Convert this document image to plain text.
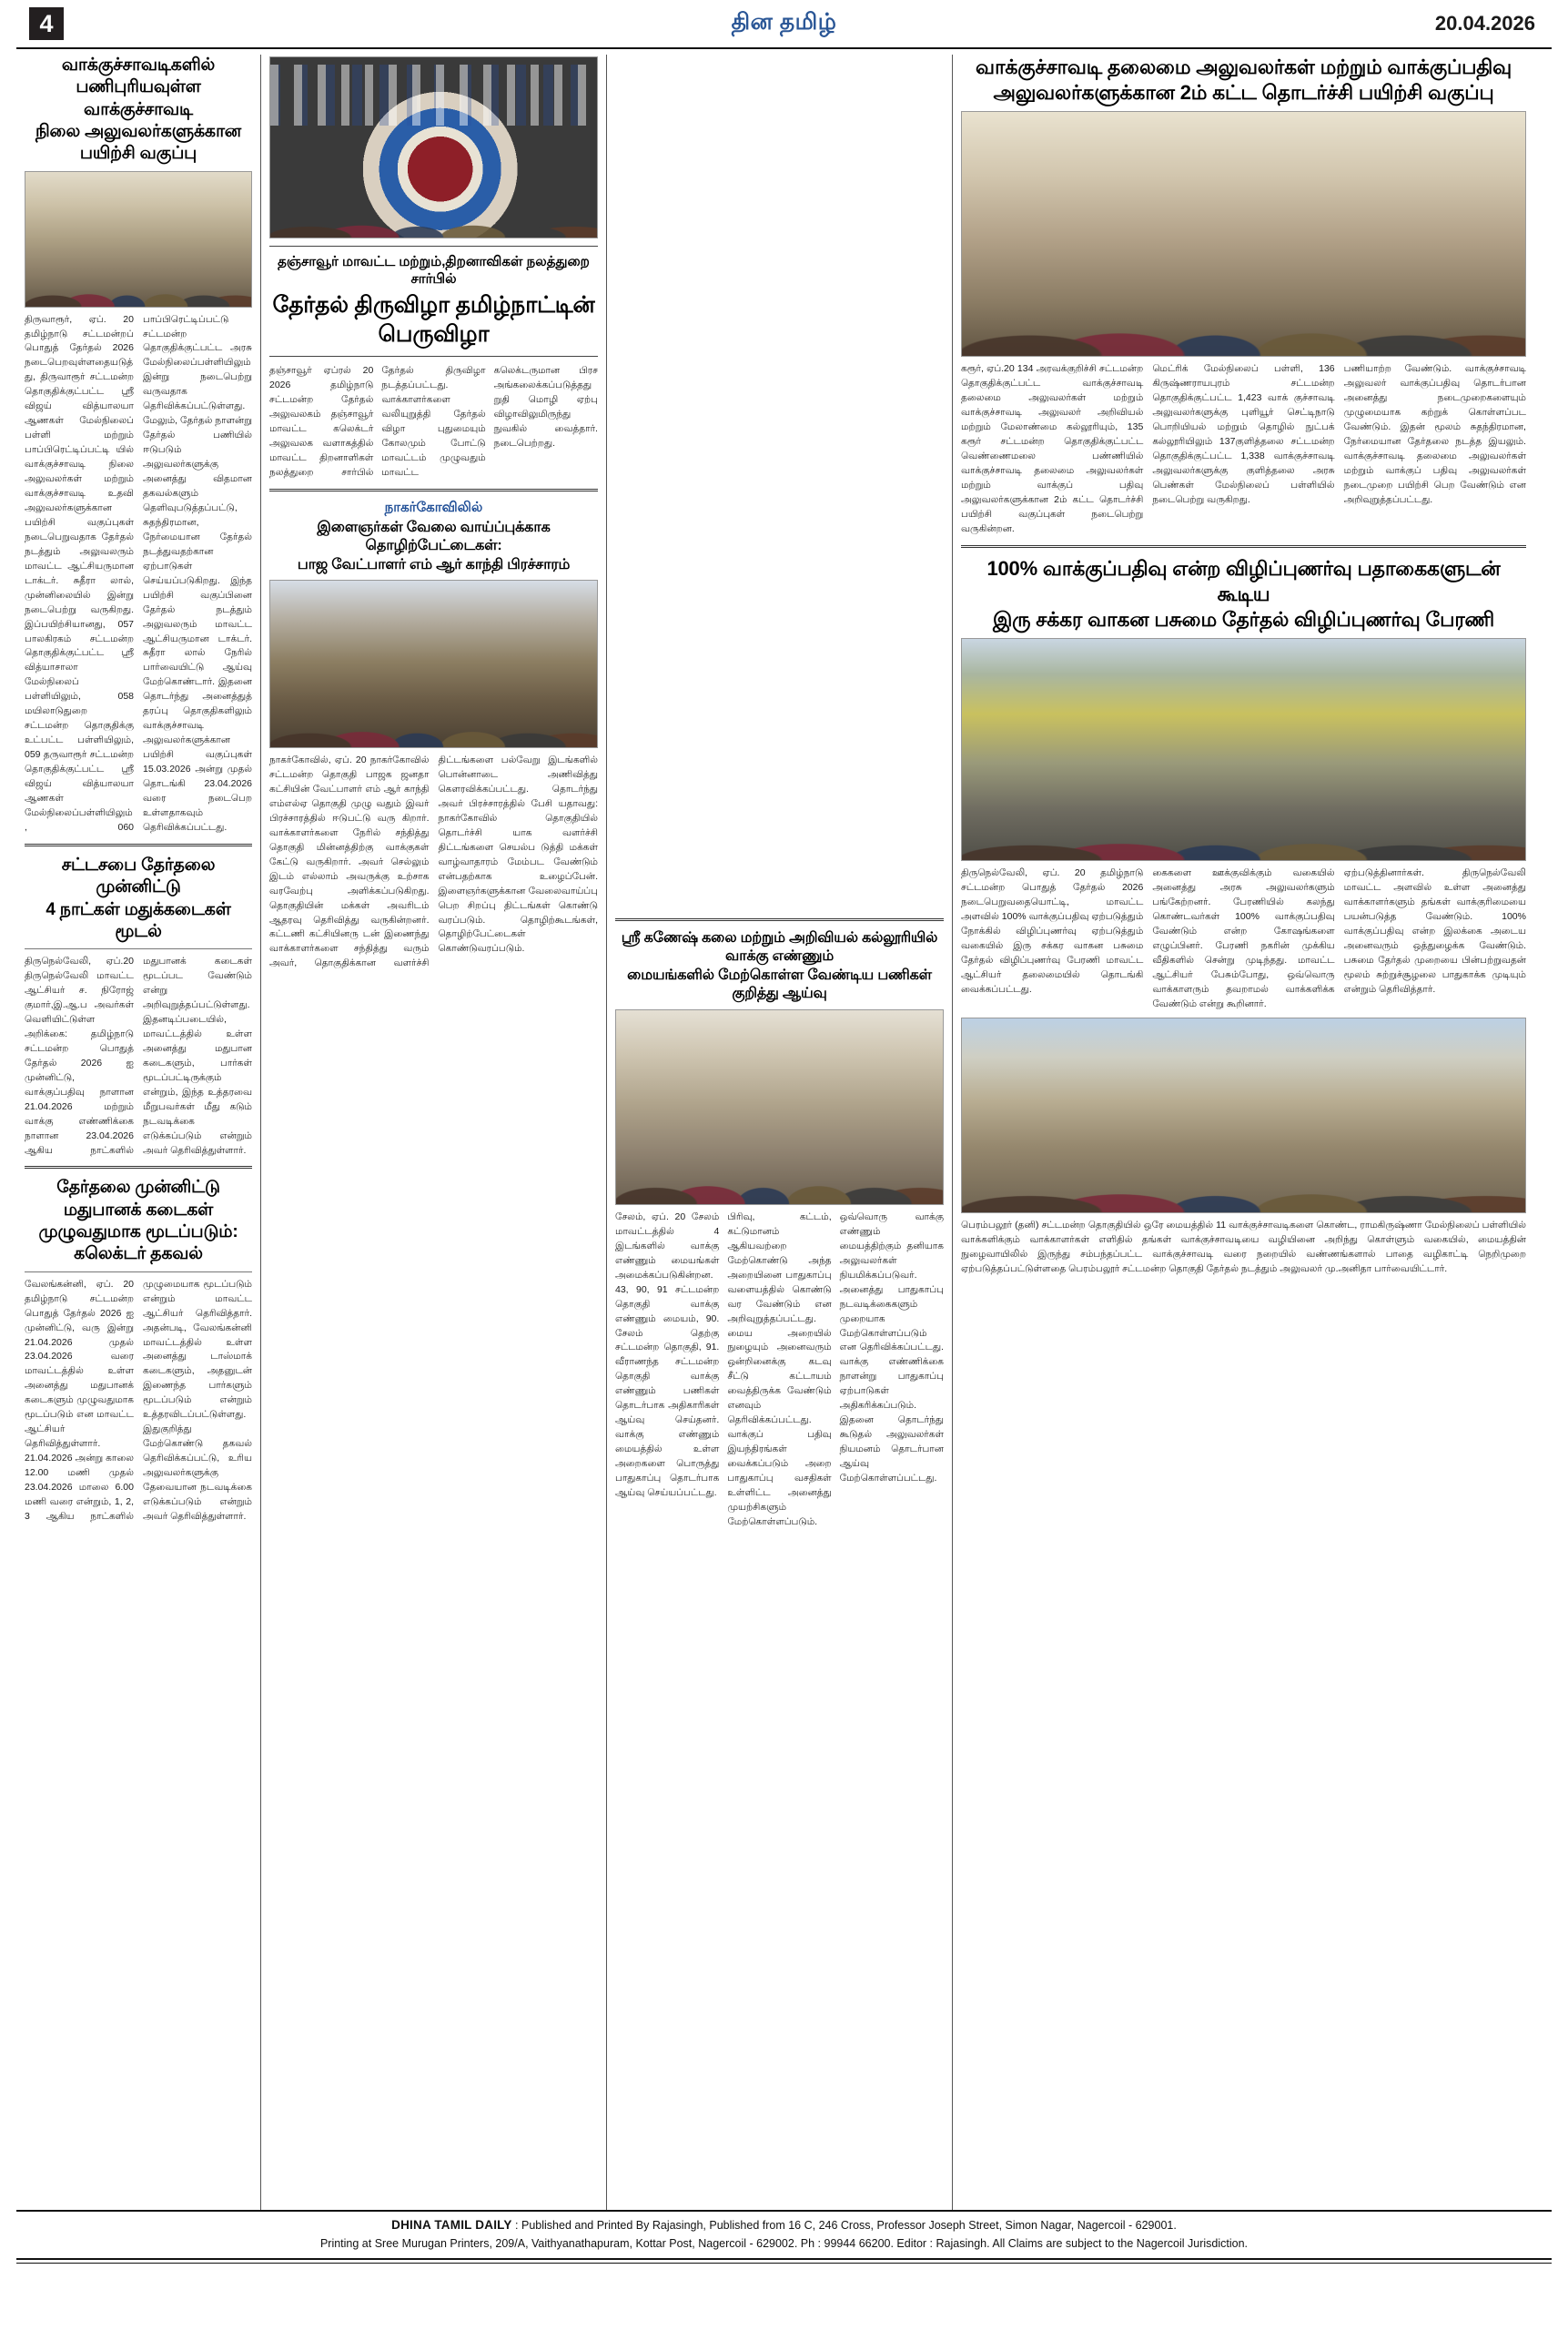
4	தின தமிழ்	20.04.2026
வாக்குச்சாவடிகளில் பணிபுரியவுள்ள வாக்குச்சாவடி
நிலை அலுவலர்களுக்கான பயிற்சி வகுப்பு
திருவாரூர், ஏப். 20 தமிழ்நாடு சட்டமன்றப் பொதுத் தேர்தல் 2026 நடைபெறவுள்ளதையடுத்து, திருவாரூர் சட்டமன்ற தொகுதிக்குட்பட்ட ஸ்ரீ விஜய் வித்யாலயா ஆணகள் மேல்நிலைப் பள்ளி மற்றும் பாப்பிரெட்டிப்பட்டி யில் வாக்குச்சாவடி நிலை அலுவலர்கள் மற்றும் வாக்குச்சாவடி உதவி அலுவலர்களுக்கான பயிற்சி வகுப்புகள் நடைபெறுவதாக தேர்தல் நடத்தும் அலுவலரும் மாவட்ட ஆட்சியருமான டாக்டர். சுதீரா லால், முன்னிலையில் இன்று நடைபெற்று வருகிறது. இப்பயிற்சியானது, 057 பாலகிரகம் சட்டமன்ற தொகுதிக்குட்பட்ட ஸ்ரீ வித்யாசாலா மேல்நிலைப் பள்ளியிலும், 058 மயிலாடுதுறை சட்டமன்ற தொகுதிக்கு உட்பட்ட பள்ளியிலும், 059 தருவாரூர் சட்டமன்ற தொகுதிக்குட்பட்ட ஸ்ரீ விஜய் வித்யாலயா ஆணகள் மேல்நிலைப்பள்ளியிலும், 060 பாப்பிரெட்டிப்பட்டு சட்டமன்ற தொகுதிக்குட்பட்ட அரசு மேல்நிலைப்பள்ளியிலும் இன்று நடைபெற்று வருவதாக தெரிவிக்கப்பட்டுள்ளது. மேலும், தேர்தல் நாளன்று தேர்தல் பணியில் ஈடுபடும் அலுவலர்களுக்கு அனைத்து விதமான தகவல்களும் தெளிவுபடுத்தப்பட்டு, சுதந்திரமான, நேர்மையான தேர்தல் நடத்துவதற்கான ஏற்பாடுகள் செய்யப்படுகிறது. இந்த பயிற்சி வகுப்பினை தேர்தல் நடத்தும் அலுவலரும் மாவட்ட ஆட்சியருமான டாக்டர். சுதீரா லால் நேரில் பார்வையிட்டு ஆய்வு மேற்கொண்டார். இதனை தொடர்ந்து அனைத்துத் தரப்பு தொகுதிகளிலும் வாக்குச்சாவடி அலுவலர்களுக்கான பயிற்சி வகுப்புகள் 15.03.2026 அன்று முதல் தொடங்கி 23.04.2026 வரை நடைபெற உள்ளதாகவும் தெரிவிக்கப்பட்டது.
சட்டசபை தேர்தலை முன்னிட்டு
4 நாட்கள் மதுக்கடைகள் மூடல்
திருநெல்வேலி, ஏப்.20 திருநெல்வேலி மாவட்ட ஆட்சியர் ச. நிரோஜ் குமார்,இ.ஆ.ப அவர்கள் வெளியிட்டுள்ள அறிக்கை: தமிழ்நாடு சட்டமன்ற பொதுத் தேர்தல் 2026 ஐ முன்னிட்டு, வாக்குப்பதிவு நாளான 21.04.2026 மற்றும் வாக்கு எண்ணிக்கை நாளான 23.04.2026 ஆகிய நாட்களில் மதுபானக் கடைகள் மூடப்பட வேண்டும் என்று அறிவுறுத்தப்பட்டுள்ளது. இதனடிப்படையில், மாவட்டத்தில் உள்ள அனைத்து மதுபான கடைகளும், பார்கள் மூடப்பட்டிருக்கும் என்றும், இந்த உத்தரவை மீறுபவர்கள் மீது கடும் நடவடிக்கை எடுக்கப்படும் என்றும் அவர் தெரிவித்துள்ளார்.
தேர்தலை முன்னிட்டு மதுபானக் கடைகள்
முழுவதுமாக மூடப்படும்: கலெக்டர் தகவல்
வேலங்கன்னி, ஏப். 20 தமிழ்நாடு சட்டமன்ற பொதுத் தேர்தல் 2026 ஐ முன்னிட்டு, வரு இன்று 21.04.2026 முதல் 23.04.2026 வரை மாவட்டத்தில் உள்ள அனைத்து மதுபானக் கடைகளும் முழுவதுமாக மூடப்படும் என மாவட்ட ஆட்சியர் தெரிவித்துள்ளார். 21.04.2026 அன்று காலை 12.00 மணி முதல் 23.04.2026 மாலை 6.00 மணி வரை என்றும், 1, 2, 3 ஆகிய நாட்களில் முழுமையாக மூடப்படும் என்றும் மாவட்ட ஆட்சியர் தெரிவித்தார். அதன்படி, வேலங்கன்னி மாவட்டத்தில் உள்ள அனைத்து டாஸ்மாக் கடைகளும், அதனுடன் இணைந்த பார்களும் மூடப்படும் என்றும் உத்தரவிடப்பட்டுள்ளது. இதுகுறித்து மேற்கொண்டு தகவல் தெரிவிக்கப்பட்டு, உரிய அலுவலர்களுக்கு தேவையான நடவடிக்கை எடுக்கப்படும் என்றும் அவர் தெரிவித்துள்ளார்.
தஞ்சாவூர் மாவட்ட மற்றும்,திறனாவிகள் நலத்துறை சார்பில்
தேர்தல் திருவிழா தமிழ்நாட்டின் பெருவிழா
தஞ்சாவூர் ஏப்ரல் 20 2026 தமிழ்நாடு சட்டமன்ற தேர்தல் அலுவலகம் தஞ்சாவூர் மாவட்ட கலெக்டர் அலுவலக வளாகத்தில் மாவட்ட திறனாளிகள் நலத்துறை சார்பில் தேர்தல் திருவிழா நடத்தப்பட்டது. வாக்காளர்களை வலியுறுத்தி தேர்தல் விழா புதுமையும் கோலமும் போட்டு மாவட்டம் முழுவதும் மாவட்ட கலெக்டருமான பிரச அங்கலைக்கப்படுத்ததுறுதி மொழி ஏற்பு விழாவிலுமிருந்து நுவகில் வைத்தார். நடைபெற்றது.
நாகர்கோவிலில்
இளைஞர்கள் வேலை வாய்ப்புக்காக தொழிற்பேட்டைகள்:
பாஜ வேட்பாளர் எம் ஆர் காந்தி பிரச்சாரம்
நாகர்கோவில், ஏப். 20 நாகர்கோவில் சட்டமன்ற தொகுதி பாஜக ஜனதா கட்சியின் வேட்பாளர் எம் ஆர் காந்தி எம்எல்ஏ தொகுதி முழு வதும் இவர் பிரச்சாரத்தில் ஈடுபட்டு வரு கிறார். வாக்காளர்களை நேரில் சந்தித்து தொகுதி மின்னத்திற்கு வாக்குகள் கேட்டு வருகிறார். அவர் செல்லும் இடம் எல்லாம் அவருக்கு உற்சாக வரவேற்பு அளிக்கப்படுகிறது. தொகுதியின் மக்கள் அவரிடம் ஆதரவு தெரிவித்து வருகின்றனர். கட்டணி கட்சியினரு டன் இணைந்து வாக்காளர்களை சந்தித்து வரும் அவர், தொகுதிக்கான வளர்ச்சி திட்டங்களை பல்வேறு இடங்களில் பொன்னாடை அணிவித்து கௌரவிக்கப்பட்டது. தொடர்ந்து அவர் பிரச்சாரத்தில் பேசி யதாவது: நாகர்கோவில் தொகுதியில் தொடர்ச்சி யாக வளர்ச்சி திட்டங்களை செயல்ப டுத்தி மக்கள் வாழ்வாதாரம் மேம்பட வேண்டும் என்பதற்காக உழைப்பேன். இளைஞர்களுக்கான வேலைவாய்ப்பு பெற சிறப்பு திட்டங்கள் கொண்டு வரப்படும். தொழிற்கூடங்கள், தொழிற்பேட்டைகள் கொண்டுவரப்படும்.
ஸ்ரீ கணேஷ் கலை மற்றும் அறிவியல் கல்லூரியில் வாக்கு எண்ணும்
மையங்களில் மேற்கொள்ள வேண்டிய பணிகள் குறித்து ஆய்வு
சேலம், ஏப். 20 சேலம் மாவட்டத்தில் 4 இடங்களில் வாக்கு எண்ணும் மையங்கள் அமைக்கப்படுகின்றன. 43, 90, 91 சட்டமன்ற தொகுதி வாக்கு எண்ணும் மையம், 90. சேலம் தெற்கு சட்டமன்ற தொகுதி, 91. வீராணந்த சட்டமன்ற தொகுதி வாக்கு எண்ணும் பணிகள் தொடர்பாக அதிகாரிகள் ஆய்வு செய்தனர். வாக்கு எண்ணும் மையத்தில் உள்ள அறைகளை பொருத்து பாதுகாப்பு தொடர்பாக ஆய்வு செய்யப்பட்டது.
பிரிவு, கட்டம், கட்டுமானம் ஆகியவற்றை மேற்கொண்டு அந்த அறையினை பாதுகாப்பு வளையத்தில் கொண்டு வர வேண்டும் என அறிவுறுத்தப்பட்டது. மைய அறையில் நுழையும் அனைவரும் ஒன்றினைக்கு கடவு சீட்டு கட்டாயம் வைத்திருக்க வேண்டும் எனவும் தெரிவிக்கப்பட்டது. வாக்குப் பதிவு இயந்திரங்கள் வைக்கப்படும் அறை பாதுகாப்பு வசதிகள் உள்ளிட்ட அனைத்து முயற்சிகளும் மேற்கொள்ளப்படும்.
ஒவ்வொரு வாக்கு எண்ணும் மையத்திற்கும் தனியாக அலுவலர்கள் நியமிக்கப்படுவர். அனைத்து பாதுகாப்பு நடவடிக்கைகளும் முறையாக மேற்கொள்ளப்படும் என தெரிவிக்கப்பட்டது. வாக்கு எண்ணிக்கை நாளன்று பாதுகாப்பு ஏற்பாடுகள் அதிகரிக்கப்படும். இதனை தொடர்ந்து கூடுதல் அலுவலர்கள் நியமனம் தொடர்பான ஆய்வு மேற்கொள்ளப்பட்டது.
வாக்குச்சாவடி தலைமை அலுவலர்கள் மற்றும் வாக்குப்பதிவு
அலுவலர்களுக்கான 2ம் கட்ட தொடர்ச்சி பயிற்சி வகுப்பு
கரூர், ஏப்.20 134 அரவக்குறிச்சி சட்டமன்ற தொகுதிக்குட்பட்ட வாக்குச்சாவடி தலைமை அலுவலர்கள் மற்றும் வாக்குச்சாவடி அலுவலர் அறிவியல் மற்றும் மேலாண்மை கல்லூரியும், 135 கரூர் சட்டமன்ற தொகுதிக்குட்பட்ட வெண்ணைமலை பண்ணியில் வாக்குச்சாவடி தலைமை அலுவலர்கள் மற்றும் வாக்குப் பதிவு அலுவலர்களுக்கான 2ம் கட்ட தொடர்ச்சி பயிற்சி வகுப்புகள் நடைபெற்று வருகின்றன.
மெட்ரிக் மேல்நிலைப் பள்ளி, 136 கிருஷ்ணராயபுரம் சட்டமன்ற தொகுதிக்குட்பட்ட 1,423 வாக் குச்சாவடி அலுவலர்களுக்கு புளியூர் செட்டிநாடு பொறியியல் மற்றும் தொழில் நுட்பக் கல்லூரியிலும் 137குளித்தலை சட்டமன்ற தொகுதிக்குட்பட்ட 1,338 வாக்குச்சாவடி அலுவலர்களுக்கு குளித்தலை அரசு பெண்கள் மேல்நிலைப் பள்ளியில் நடைபெற்று வருகிறது.
பணியாற்ற வேண்டும். வாக்குச்சாவடி அலுவலர் வாக்குப்பதிவு தொடர்பான அனைத்து நடைமுறைகளையும் முழுமையாக கற்றுக் கொள்ளப்பட வேண்டும். இதன் மூலம் சுதந்திரமான, நேர்மையான தேர்தலை நடத்த இயலும். வாக்குச்சாவடி தலைமை அலுவலர்கள் மற்றும் வாக்குப் பதிவு அலுவலர்கள் நடைமுறை பயிற்சி பெற வேண்டும் என அறிவுறுத்தப்பட்டது.
100% வாக்குப்பதிவு என்ற விழிப்புணர்வு பதாகைகளுடன் கூடிய
இரு சக்கர வாகன பசுமை தேர்தல் விழிப்புணர்வு பேரணி
திருநெல்வேலி, ஏப். 20 தமிழ்நாடு சட்டமன்ற பொதுத் தேர்தல் 2026 நடைபெறுவதையொட்டி, மாவட்ட அளவில் 100% வாக்குப்பதிவு ஏற்படுத்தும் நோக்கில் விழிப்புணர்வு ஏற்படுத்தும் வகையில் இரு சக்கர வாகன பசுமை தேர்தல் விழிப்புணர்வு பேரணி மாவட்ட ஆட்சியர் தலைமையில் தொடங்கி வைக்கப்பட்டது.
கைகளை ஊக்குவிக்கும் வகையில் அனைத்து அரசு அலுவலர்களும் பங்கேற்றனர். பேரணியில் கலந்து கொண்டவர்கள் 100% வாக்குப்பதிவு வேண்டும் என்ற கோஷங்களை எழுப்பினர். பேரணி நகரின் முக்கிய வீதிகளில் சென்று முடிந்தது. மாவட்ட ஆட்சியர் பேசும்போது, ஒவ்வொரு வாக்காளரும் தவறாமல் வாக்களிக்க வேண்டும் என்று கூறினார்.
ஏற்படுத்தினார்கள். திருநெல்வேலி மாவட்ட அளவில் உள்ள அனைத்து வாக்காளர்களும் தங்கள் வாக்குரிமையை பயன்படுத்த வேண்டும். 100% வாக்குப்பதிவு என்ற இலக்கை அடைய அனைவரும் ஒத்துழைக்க வேண்டும். பசுமை தேர்தல் முறையை பின்பற்றுவதன் மூலம் சுற்றுச்சூழலை பாதுகாக்க முடியும் என்றும் தெரிவித்தார்.
பெரம்பலூர் (தனி) சட்டமன்ற தொகுதியில் ஒரே மையத்தில் 11 வாக்குச்சாவடிகளை கொண்ட, ராமகிருஷ்ணா மேல்நிலைப் பள்ளியில் வாக்களிக்கும் வாக்காளர்கள் எளிதில் தங்கள் வாக்குச்சாவடியை வழியினை அறிந்து கொள்ளும் வகையில், மையத்தின் நுழைவாயிலில் இருந்து சம்பந்தப்பட்ட வாக்குச்சாவடி வரை நறையில் வண்ணங்களால் பாதை வழிகாட்டி நெறிமுறை ஏற்படுத்தப்பட்டுள்ளதை பெரம்பலூர் சட்டமன்ற தொகுதி தேர்தல் நடத்தும் அலுவலர் மு.அனிதா பார்வையிட்டார்.
DHINA TAMIL DAILY : Published and Printed By Rajasingh, Published from 16 C, 246 Cross, Professor Joseph Street, Simon Nagar, Nagercoil - 629001.
Printing at Sree Murugan Printers, 209/A, Vaithyanathapuram, Kottar Post, Nagercoil - 629002. Ph : 99944 66200. Editor : Rajasingh. All Claims are subject to the Nagercoil Jurisdiction.
